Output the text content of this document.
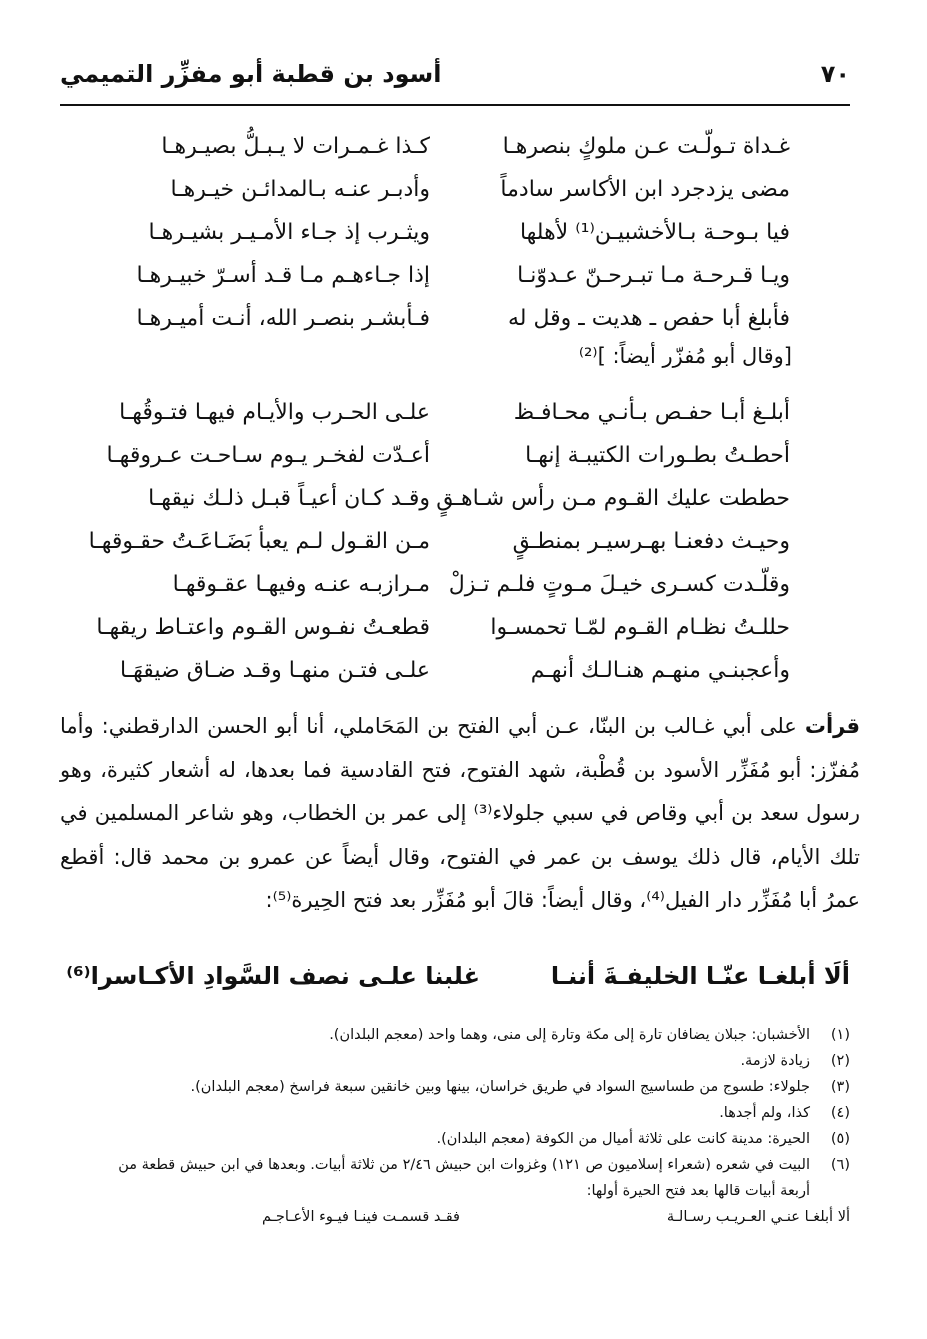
٧٠
أسود بن قطبة أبو مفزِّر التميمي
غـداة تـولّـت عـن ملوكٍ بنصرهـا
كـذا غـمـرات لا يـبـلُّ بصيـرهـا
مضى يزدجرد ابن الأكاسر سادماً
وأدبـر عنـه بـالمدائـن خيـرهـا
فيا بـوحـة بـالأخشبيـن⁽¹⁾ لأهلها
ويثـرب إذ جـاء الأمـيـر بشيـرهـا
ويـا قـرحـة مـا تبـرحـنّ عـدوّنـا
إذا جـاءهـم مـا قـد أسـرّ خبيـرهـا
فأبلغ أبا حفص ـ هديت ـ وقل له
فـأبشـر بنصـر الله، أنـت أميـرهـا
[وقال أبو مُفزّر أيضاً: ]⁽²⁾
أبلـغ أبـا حفـص بـأنـي محـافـظ
علـى الحـرب والأيـام فيهـا فتـوقُهـا
أحطـتُ بطـورات الكتيبـة إنهـا
أعـدّت لفخـر يـوم سـاحـت عـروقهـا
حططت عليك القـوم مـن رأس شـاهـقٍ
وقـد كـان أعيـاً قبـل ذلـك نيقهـا
وحيـث دفعنـا بهـرسيـر بمنطـقٍ
مـن القـول لـم يعبأ بَضَـاعَـتُ حقـوقهـا
وقلّـدت كسـرى خيـلَ مـوتٍ فلـم تـزلْ
مـرازبـه عنـه وفيهـا عقـوقهـا
حللـتُ نظـام القـوم لمّـا تحمسـوا
قطعـتُ نفـوس القـوم واعتـاط ريقهـا
وأعجبنـي منهـم هنـالـك أنهـم
علـى فتـن منهـا وقـد ضـاق ضيقهَـا
قرأت على أبي غـالب بن البنّا، عـن أبي الفتح بن المَحَاملي، أنا أبو الحسن الدارقطني: وأما مُفزّز: أبو مُفَزِّر الأسود بن قُطْبة، شهد الفتوح، فتح القادسية فما بعدها، له أشعار كثيرة، وهو رسول سعد بن أبي وقاص في سبي جلولاء⁽³⁾ إلى عمر بن الخطاب، وهو شاعر المسلمين في تلك الأيام، قال ذلك يوسف بن عمر في الفتوح، وقال أيضاً عن عمرو بن محمد قال: أقطع عمرُ أبا مُفَزِّر دار الفيل⁽⁴⁾، وقال أيضاً: قالَ أبو مُفَزِّر بعد فتح الحِيرة⁽⁵⁾:
ألَا أبلغـا عنّـا الخليفـةَ أننـا
غلبنا علـى نصف السَّوادِ الأكـاسرا⁽⁶⁾
(١)
الأخشبان: جبلان يضافان تارة إلى مكة وتارة إلى منى، وهما واحد (معجم البلدان).
(٢)
زيادة لازمة.
(٣)
جلولاء: طسوج من طساسيج السواد في طريق خراسان، بينها وبين خانقين سبعة فراسخ (معجم البلدان).
(٤)
كذا، ولم أجدها.
(٥)
الحيرة: مدينة كانت على ثلاثة أميال من الكوفة (معجم البلدان).
(٦)
البيت في شعره (شعراء إسلاميون ص ١٢١) وغزوات ابن حبيش ٢/٤٦ من ثلاثة أبيات. وبعدها في ابن حبيش قطعة من أربعة أبيات قالها بعد فتح الحيرة أولها:
ألا أبلغـا عنـي العـريـب رسـالـة
فقـد قسمـت فينـا فيـوء الأعـاجـم
